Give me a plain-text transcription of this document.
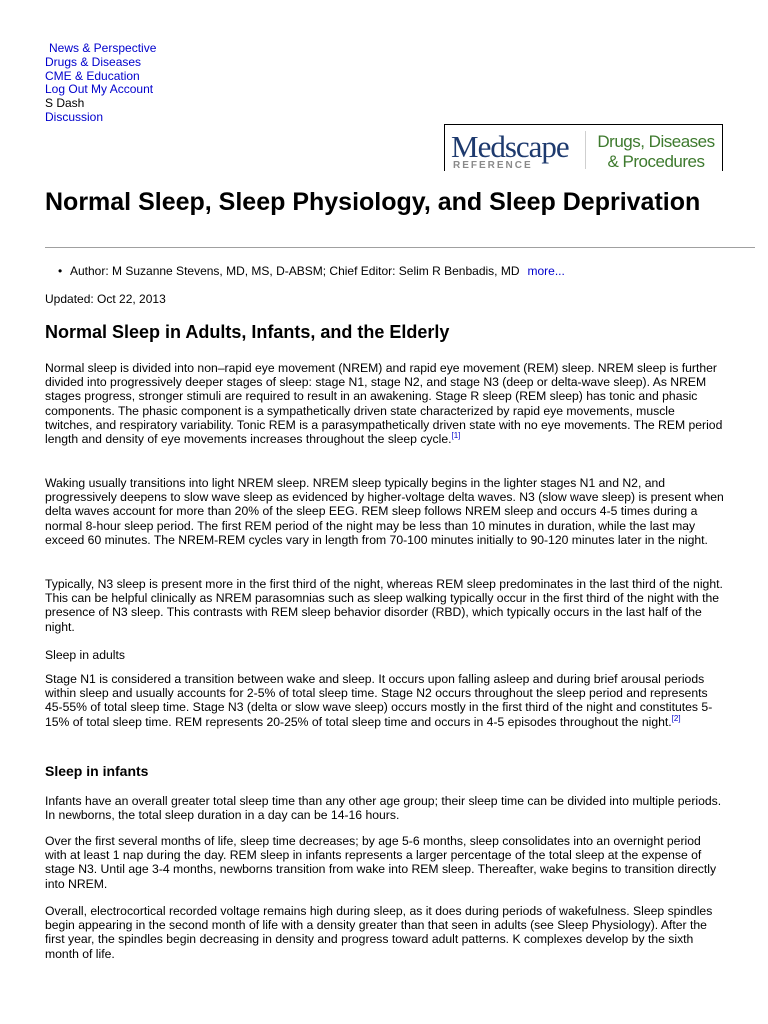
News & Perspective
Drugs & Diseases
CME & Education
Log Out My Account
S Dash
Discussion
Medscape
REFERENCE
Drugs, Diseases
& Procedures
Normal Sleep, Sleep Physiology, and Sleep Deprivation
• Author: M Suzanne Stevens, MD, MS, D-ABSM; Chief Editor: Selim R Benbadis, MD more...
Updated: Oct 22, 2013
Normal Sleep in Adults, Infants, and the Elderly

Normal sleep is divided into non–rapid eye movement (NREM) and rapid eye movement (REM) sleep. NREM sleep is further divided into progressively deeper stages of sleep: stage N1, stage N2, and stage N3 (deep or delta-wave sleep). As NREM stages progress, stronger stimuli are required to result in an awakening. Stage R sleep (REM sleep) has tonic and phasic components. The phasic component is a sympathetically driven state characterized by rapid eye movements, muscle twitches, and respiratory variability. Tonic REM is a parasympathetically driven state with no eye movements. The REM period length and density of eye movements increases throughout the sleep cycle.[1]

Waking usually transitions into light NREM sleep. NREM sleep typically begins in the lighter stages N1 and N2, and progressively deepens to slow wave sleep as evidenced by higher-voltage delta waves. N3 (slow wave sleep) is present when delta waves account for more than 20% of the sleep EEG. REM sleep follows NREM sleep and occurs 4-5 times during a normal 8-hour sleep period. The first REM period of the night may be less than 10 minutes in duration, while the last may exceed 60 minutes. The NREM-REM cycles vary in length from 70-100 minutes initially to 90-120 minutes later in the night.

Typically, N3 sleep is present more in the first third of the night, whereas REM sleep predominates in the last third of the night. This can be helpful clinically as NREM parasomnias such as sleep walking typically occur in the first third of the night with the presence of N3 sleep. This contrasts with REM sleep behavior disorder (RBD), which typically occurs in the last half of the night.

Sleep in adults

Stage N1 is considered a transition between wake and sleep. It occurs upon falling asleep and during brief arousal periods within sleep and usually accounts for 2-5% of total sleep time. Stage N2 occurs throughout the sleep period and represents 45-55% of total sleep time. Stage N3 (delta or slow wave sleep) occurs mostly in the first third of the night and constitutes 5-15% of total sleep time. REM represents 20-25% of total sleep time and occurs in 4-5 episodes throughout the night.[2]

Sleep in infants

Infants have an overall greater total sleep time than any other age group; their sleep time can be divided into multiple periods. In newborns, the total sleep duration in a day can be 14-16 hours.

Over the first several months of life, sleep time decreases; by age 5-6 months, sleep consolidates into an overnight period with at least 1 nap during the day. REM sleep in infants represents a larger percentage of the total sleep at the expense of stage N3. Until age 3-4 months, newborns transition from wake into REM sleep. Thereafter, wake begins to transition directly into NREM.

Overall, electrocortical recorded voltage remains high during sleep, as it does during periods of wakefulness. Sleep spindles begin appearing in the second month of life with a density greater than that seen in adults (see Sleep Physiology). After the first year, the spindles begin decreasing in density and progress toward adult patterns. K complexes develop by the sixth month of life.
